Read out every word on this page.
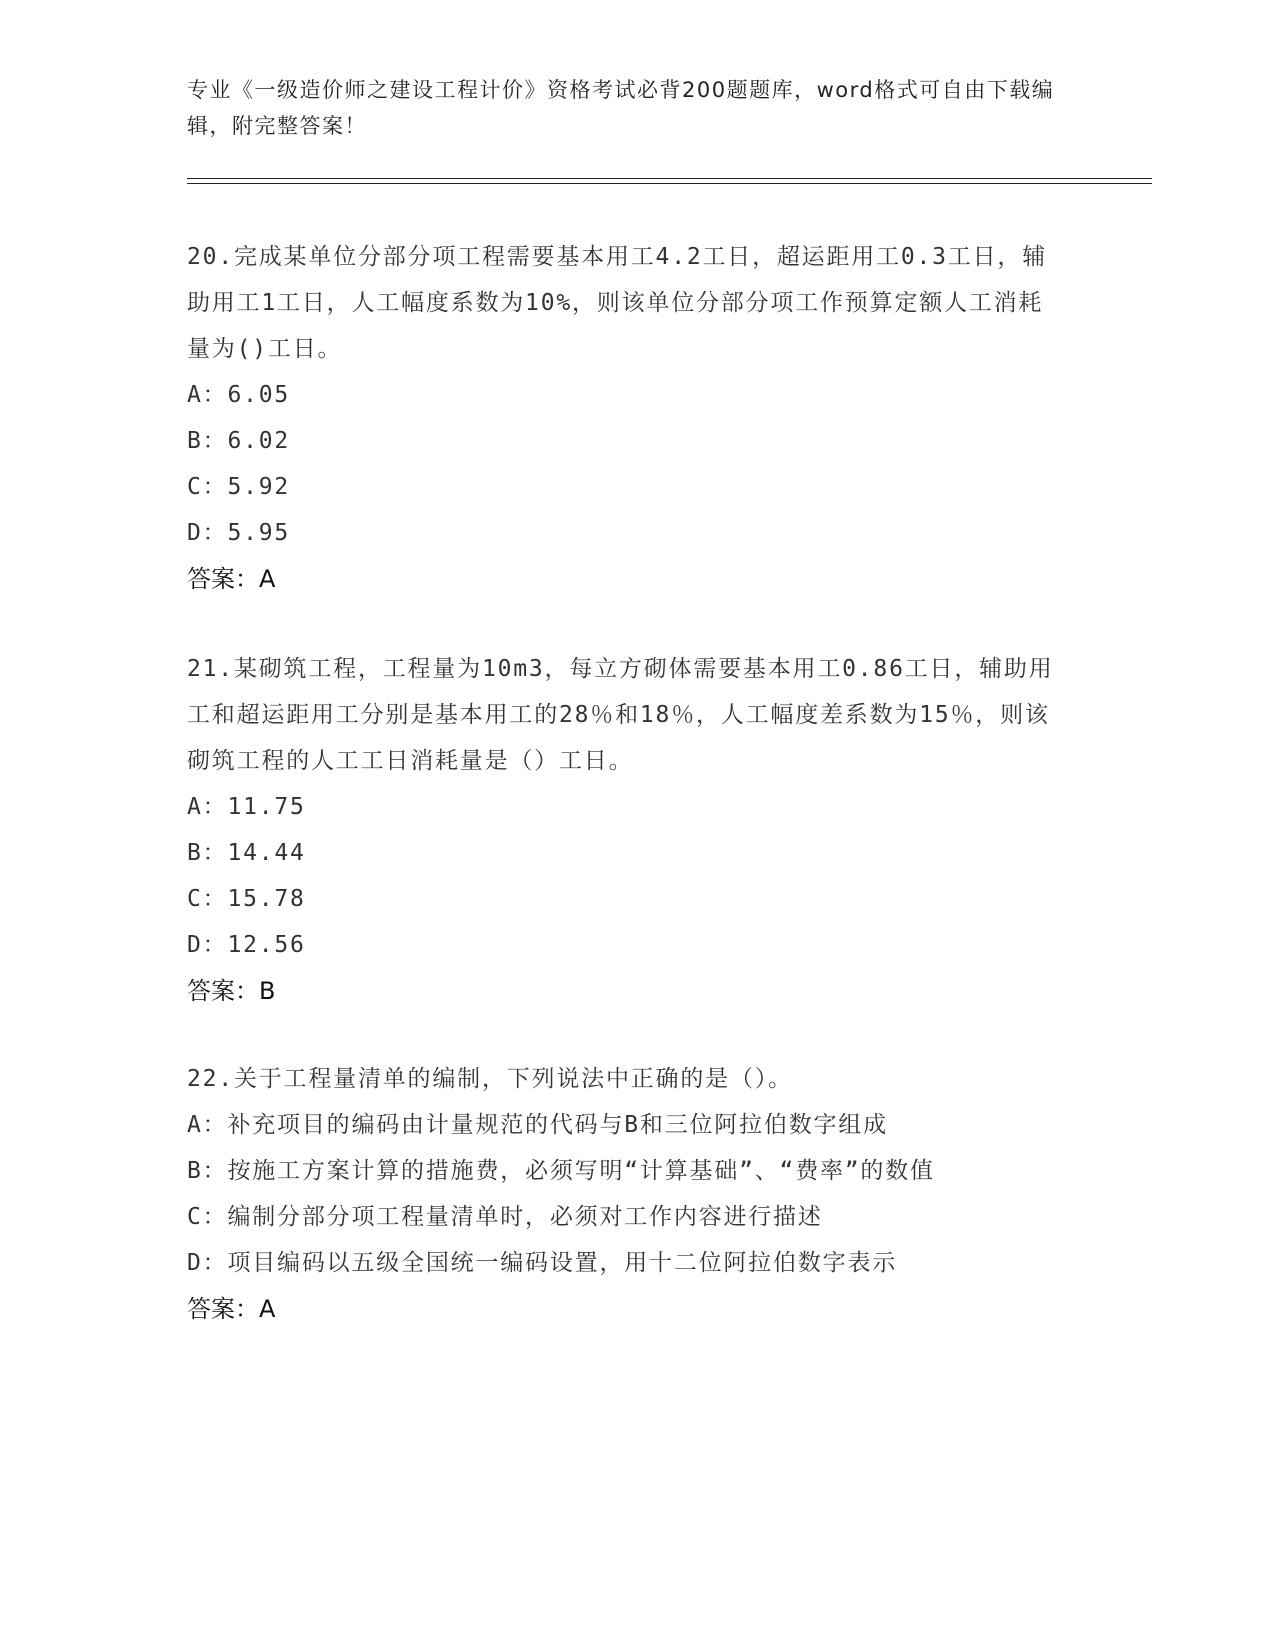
专业《一级造价师之建设工程计价》资格考试必背200题题库，word格式可自由下载编辑，附完整答案！

20.完成某单位分部分项工程需要基本用工4.2工日，超运距用工0.3工日，辅助用工1工日，人工幅度系数为10%，则该单位分部分项工作预算定额人工消耗量为()工日。

A：6.05

B：6.02

C：5.92

D：5.95

答案：A

21.某砌筑工程，工程量为10m3，每立方砌体需要基本用工0.86工日，辅助用工和超运距用工分别是基本用工的28％和18％，人工幅度差系数为15％，则该砌筑工程的人工工日消耗量是（）工日。

A：11.75

B：14.44

C：15.78

D：12.56

答案：B

22.关于工程量清单的编制，下列说法中正确的是（）。

A：补充项目的编码由计量规范的代码与B和三位阿拉伯数字组成

B：按施工方案计算的措施费，必须写明“计算基础”、“费率”的数值

C：编制分部分项工程量清单时，必须对工作内容进行描述

D：项目编码以五级全国统一编码设置，用十二位阿拉伯数字表示

答案：A
